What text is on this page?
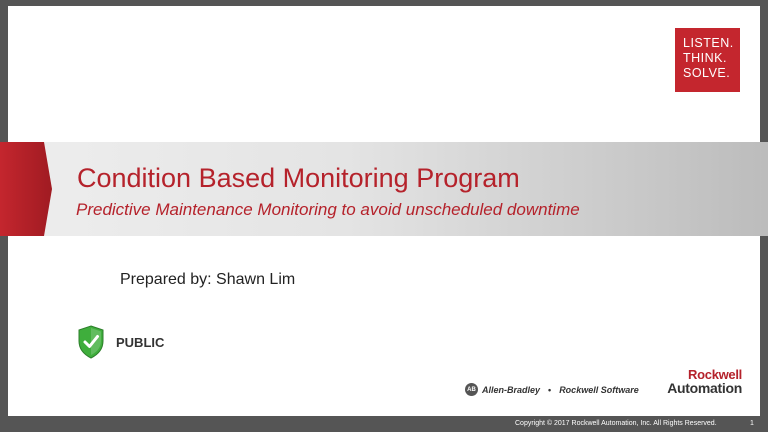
LISTEN.
THINK.
SOLVE.
Condition Based Monitoring Program
Predictive Maintenance Monitoring to avoid unscheduled downtime
Prepared by: Shawn Lim
PUBLIC
AB Allen-Bradley • Rockwell Software
Rockwell
Automation
Copyright © 2017 Rockwell Automation, Inc. All Rights Reserved.	1
